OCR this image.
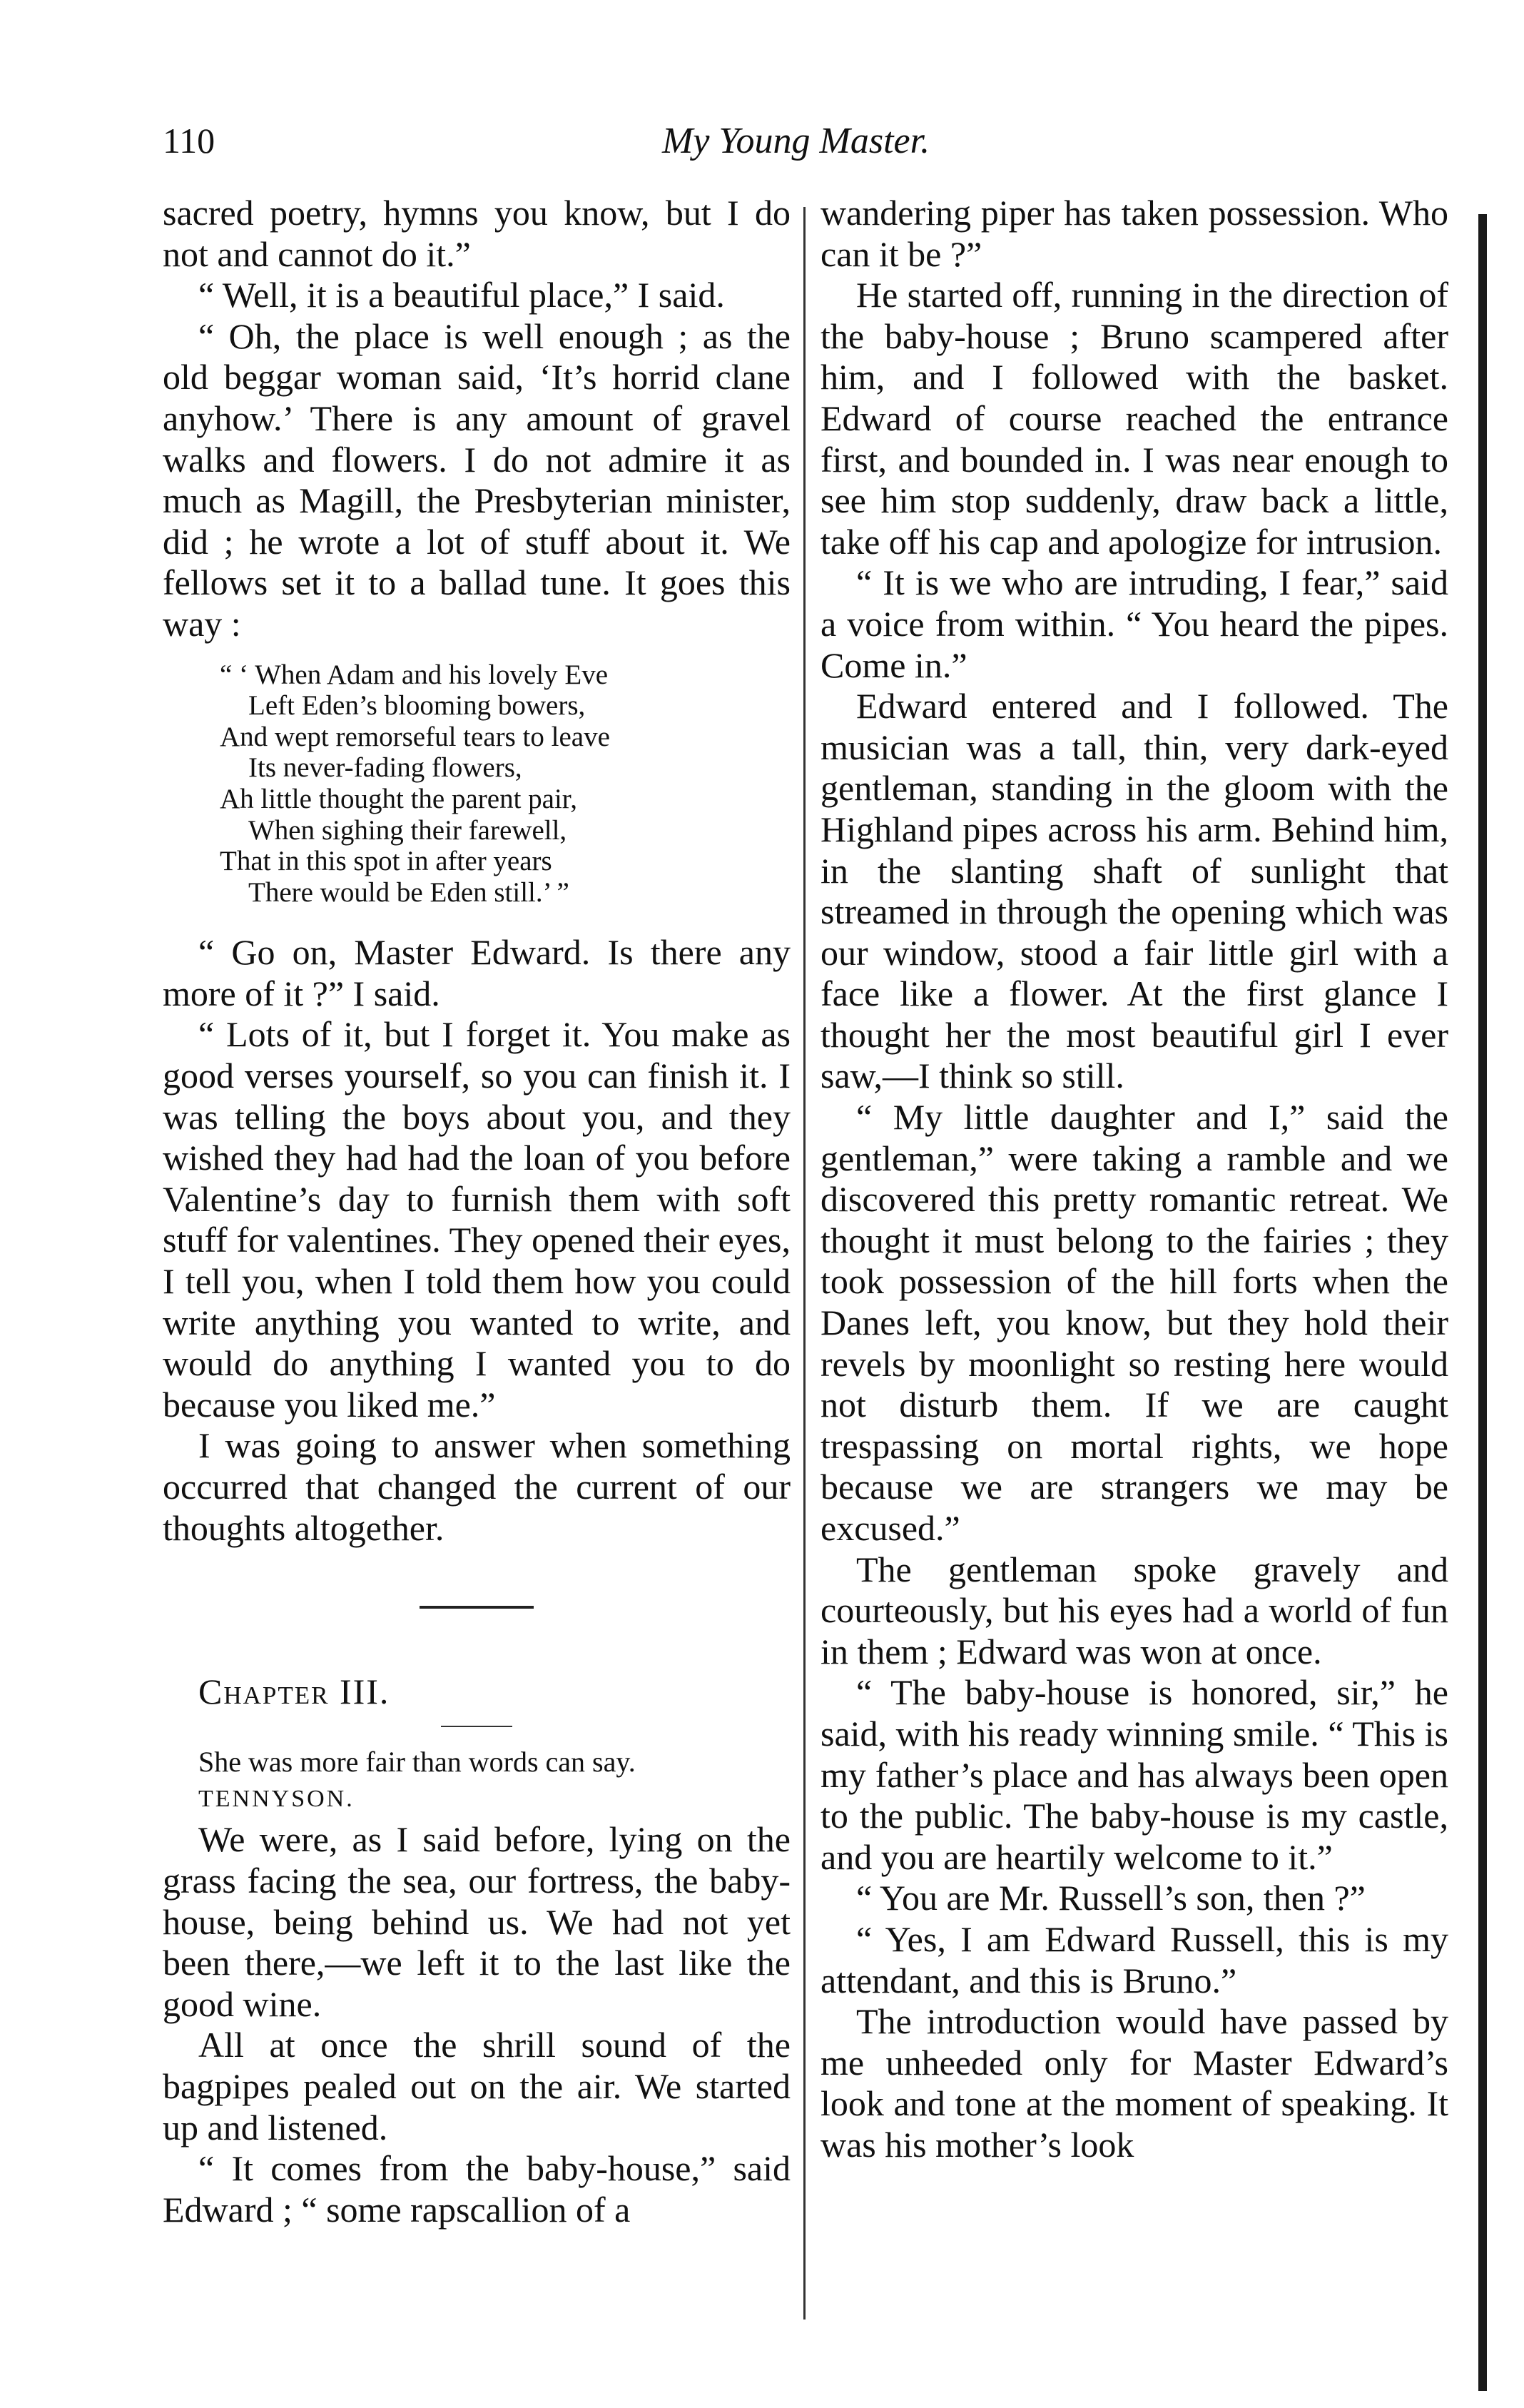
110	My Young Master.

sacred poetry, hymns you know, but I do not and cannot do it.”

“ Well, it is a beautiful place,” I said.

“ Oh, the place is well enough ; as the old beggar woman said, ‘It’s horrid clane anyhow.’ There is any amount of gravel walks and flowers. I do not admire it as much as Magill, the Presbyterian minister, did ; he wrote a lot of stuff about it. We fellows set it to a ballad tune. It goes this way :

“ ‘ When Adam and his lovely Eve
Left Eden’s blooming bowers,
And wept remorseful tears to leave
Its never-fading flowers,
Ah little thought the parent pair,
When sighing their farewell,
That in this spot in after years
There would be Eden still.’ ”

“ Go on, Master Edward. Is there any more of it ?” I said.

“ Lots of it, but I forget it. You make as good verses yourself, so you can finish it. I was telling the boys about you, and they wished they had had the loan of you before Valentine’s day to furnish them with soft stuff for valentines. They opened their eyes, I tell you, when I told them how you could write anything you wanted to write, and would do anything I wanted you to do because you liked me.”

I was going to answer when something occurred that changed the current of our thoughts altogether.

Chapter III.

She was more fair than words can say.

TENNYSON.

We were, as I said before, lying on the grass facing the sea, our fortress, the baby-house, being behind us. We had not yet been there,—we left it to the last like the good wine.

All at once the shrill sound of the bagpipes pealed out on the air. We started up and listened.

“ It comes from the baby-house,” said Edward ; “ some rapscallion of a

wandering piper has taken possession. Who can it be ?”

He started off, running in the direction of the baby-house ; Bruno scampered after him, and I followed with the basket. Edward of course reached the entrance first, and bounded in. I was near enough to see him stop suddenly, draw back a little, take off his cap and apologize for intrusion.

“ It is we who are intruding, I fear,” said a voice from within. “ You heard the pipes. Come in.”

Edward entered and I followed. The musician was a tall, thin, very dark-eyed gentleman, standing in the gloom with the Highland pipes across his arm. Behind him, in the slanting shaft of sunlight that streamed in through the opening which was our window, stood a fair little girl with a face like a flower. At the first glance I thought her the most beautiful girl I ever saw,—I think so still.

“ My little daughter and I,” said the gentleman,” were taking a ramble and we discovered this pretty romantic retreat. We thought it must belong to the fairies ; they took possession of the hill forts when the Danes left, you know, but they hold their revels by moonlight so resting here would not disturb them. If we are caught trespassing on mortal rights, we hope because we are strangers we may be excused.”

The gentleman spoke gravely and courteously, but his eyes had a world of fun in them ; Edward was won at once.

“ The baby-house is honored, sir,” he said, with his ready winning smile. “ This is my father’s place and has always been open to the public. The baby-house is my castle, and you are heartily welcome to it.”

“ You are Mr. Russell’s son, then ?”

“ Yes, I am Edward Russell, this is my attendant, and this is Bruno.”

The introduction would have passed by me unheeded only for Master Edward’s look and tone at the moment of speaking. It was his mother’s look
